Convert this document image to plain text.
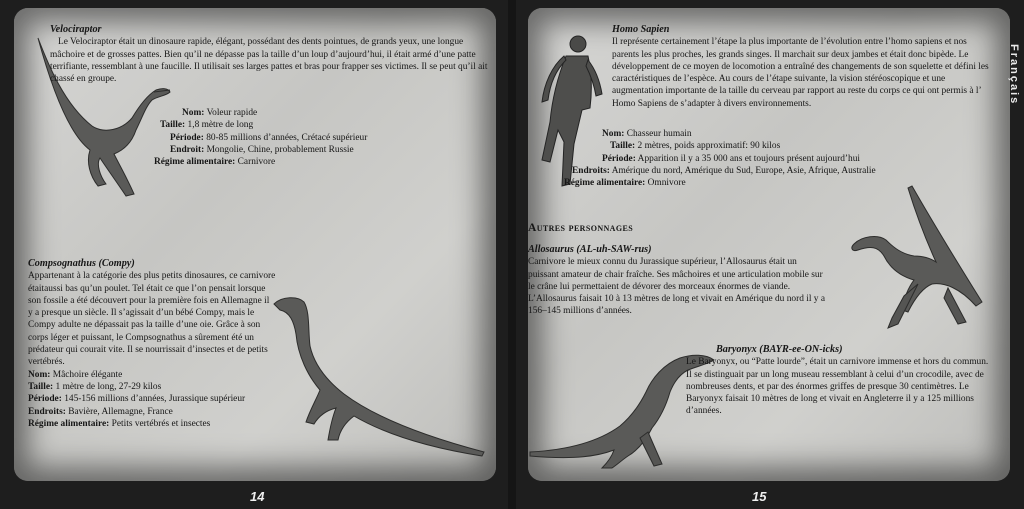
Velociraptor
Le Velociraptor était un dinosaure rapide, élégant, possédant des dents pointues, de grands yeux, une longue mâchoire et de grosses pattes. Bien qu’il ne dépasse pas la taille d’un loup d’aujourd’hui, il était armé d’une patte terrifiante, ressemblant à une faucille. Il utilisait ses larges pattes et bras pour frapper ses victimes. Il se peut qu’il ait chassé en groupe.
Nom: Voleur rapide
Taille: 1,8 mètre de long
Période: 80-85 millions d’années, Crétacé supérieur
Endroit: Mongolie, Chine, probablement Russie
Régime alimentaire: Carnivore
Compsognathus (Compy)
Appartenant à la catégorie des plus petits dinosaures, ce carnivore étaitaussi bas qu’un poulet. Tel était ce que l’on pensait lorsque son fossile a été découvert pour la première fois en Allemagne il y a presque un siècle. Il s’agissait d’un bébé Compy, mais le Compy adulte ne dépassait pas la taille d’une oie. Grâce à son corps léger et puissant, le Compsognathus a sûrement été un prédateur qui courait vite. Il se nourrissait d’insectes et de petits vertébrés.
Nom: Mâchoire élégante
Taille: 1 mètre de long, 27-29 kilos
Période: 145-156 millions d’années, Jurassique supérieur
Endroits: Bavière, Allemagne, France
Régime alimentaire: Petits vertébrés et insectes
14
Homo Sapien
Il représente certainement l’étape la plus importante de l’évolution entre l’homo sapiens et nos parents les plus proches, les grands singes. Il marchait sur deux jambes et était donc bipède. Le développement de ce moyen de locomotion a entraîné des changements de son squelette et défini les caractéristiques de l’espèce. Au cours de l’étape suivante, la vision stéréoscopique et une augmentation importante de la taille du cerveau par rapport au reste du corps ce qui ont permis à l’ Homo Sapiens de s’adapter à divers environnements.
Nom: Chasseur humain
Taille: 2 mètres, poids approximatif: 90 kilos
Période: Apparition il y a 35 000 ans et toujours présent aujourd’hui
Endroits: Amérique du nord, Amérique du Sud, Europe, Asie, Afrique, Australie
Régime alimentaire: Omnivore
Autres personnages
Allosaurus (AL-uh-SAW-rus)
Carnivore le mieux connu du Jurassique supérieur, l’Allosaurus était un puissant amateur de chair fraîche. Ses mâchoires et une articulation mobile sur le crâne lui permettaient de dévorer des morceaux énormes de viande. L’Allosaurus faisait 10 à 13 mètres de long et vivait en Amérique du nord il y a 156–145 millions d’années.
Baryonyx (BAYR-ee-ON-icks)
Le Baryonyx, ou “Patte lourde”, était un carnivore immense et hors du commun. Il se distinguait par un long museau ressemblant à celui d’un crocodile, avec de nombreuses dents, et par des énormes griffes de presque 30 centimètres. Le Baryonyx faisait 10 mètres de long et vivait en Angleterre il y a 125 millions d’années.
15
Français
